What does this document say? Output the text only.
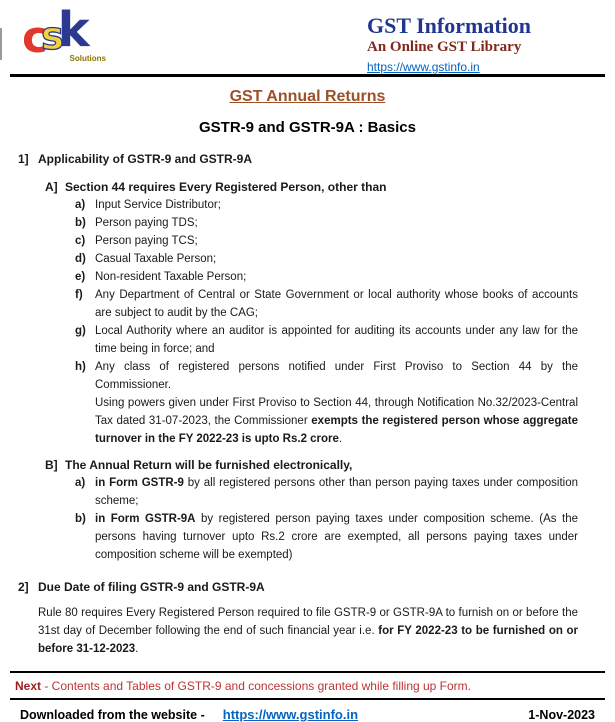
csk
Solutions
GST Information
An Online GST Library
https://www.gstinfo.in
GST Annual Returns
GSTR-9 and GSTR-9A : Basics
1] Applicability of GSTR-9 and GSTR-9A
A] Section 44 requires Every Registered Person, other than
a) Input Service Distributor;
b) Person paying TDS;
c) Person paying TCS;
d) Casual Taxable Person;
e) Non-resident Taxable Person;
f)	Any Department of Central or State Government or local authority whose books of accounts are subject to audit by the CAG;
g) Local Authority where an auditor is appointed for auditing its accounts under any law for the time being in force; and
h) Any class of registered persons notified under First Proviso to Section 44 by the Commissioner.
Using powers given under First Proviso to Section 44, through Notification No.32/2023-Central Tax dated 31-07-2023, the Commissioner exempts the registered person whose aggregate turnover in the FY 2022-23 is upto Rs.2 crore.
B] The Annual Return will be furnished electronically,
a) in Form GSTR-9 by all registered persons other than person paying taxes under composition scheme;
b) in Form GSTR-9A by registered person paying taxes under composition scheme. (As the persons having turnover upto Rs.2 crore are exempted, all persons paying taxes under composition scheme will be exempted)
2] Due Date of filing GSTR-9 and GSTR-9A
Rule 80 requires Every Registered Person required to file GSTR-9 or GSTR-9A to furnish on or before the 31st day of December following the end of such financial year i.e. for FY 2022-23 to be furnished on or before 31-12-2023.
Next - Contents and Tables of GSTR-9 and concessions granted while filling up Form.
Downloaded from the website - https://www.gstinfo.in	1-Nov-2023
